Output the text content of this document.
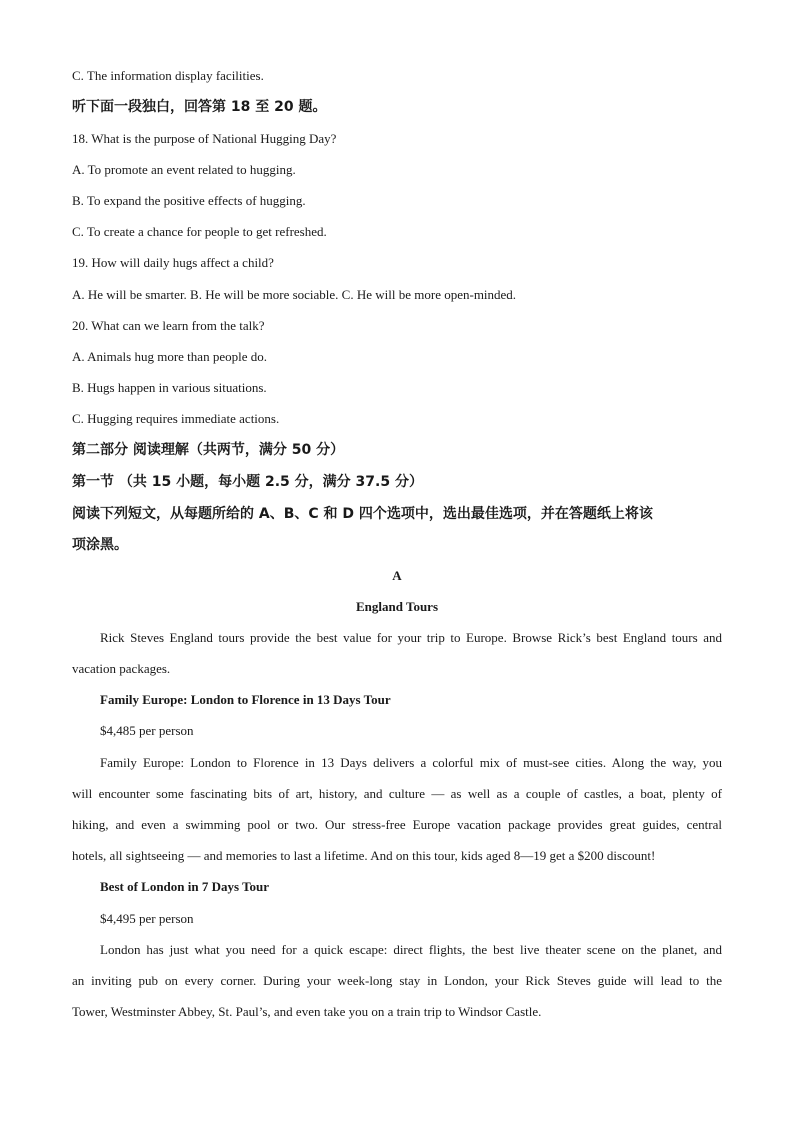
C. The information display facilities.
听下面一段独白，回答第 18 至 20 题。
18. What is the purpose of National Hugging Day?
A. To promote an event related to hugging.
B. To expand the positive effects of hugging.
C. To create a chance for people to get refreshed.
19. How will daily hugs affect a child?
A. He will be smarter. B. He will be more sociable. C. He will be more open-minded.
20. What can we learn from the talk?
A. Animals hug more than people do.
B. Hugs happen in various situations.
C. Hugging requires immediate actions.
第二部分 阅读理解（共两节，满分 50 分）
第一节 （共 15 小题，每小题 2.5 分，满分 37.5 分）
阅读下列短文，从每题所给的 A、B、C 和 D 四个选项中，选出最佳选项，并在答题纸上将该
项涂黑。
A
England Tours
Rick Steves England tours provide the best value for your trip to Europe. Browse Rick’s best England tours and
vacation packages.
Family Europe: London to Florence in 13 Days Tour
$4,485 per person
Family Europe: London to Florence in 13 Days delivers a colorful mix of must-see cities. Along the way, you
will encounter some fascinating bits of art, history, and culture — as well as a couple of castles, a boat, plenty of
hiking, and even a swimming pool or two. Our stress-free Europe vacation package provides great guides, central
hotels, all sightseeing — and memories to last a lifetime. And on this tour, kids aged 8—19 get a $200 discount!
Best of London in 7 Days Tour
$4,495 per person
London has just what you need for a quick escape: direct flights, the best live theater scene on the planet, and
an inviting pub on every corner. During your week-long stay in London, your Rick Steves guide will lead to the
Tower, Westminster Abbey, St. Paul’s, and even take you on a train trip to Windsor Castle.
